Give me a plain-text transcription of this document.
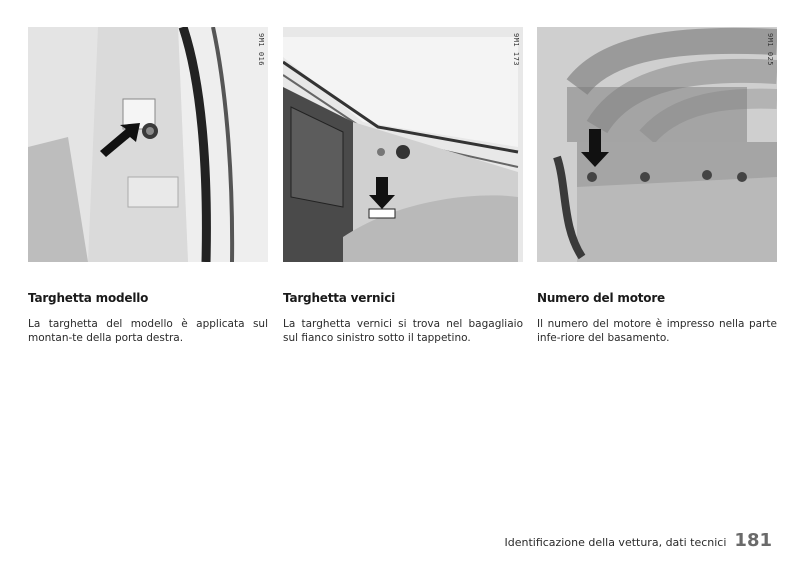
9M1 016	9M1 173	9M1 025
Targhetta modello

La targhetta del modello è applicata sul montan-te della porta destra.

Targhetta vernici

La targhetta vernici si trova nel bagagliaio sul fianco sinistro sotto il tappetino.

Numero del motore

Il numero del motore è impresso nella parte infe-riore del basamento.

Identificazione della vettura, dati tecnici 181
